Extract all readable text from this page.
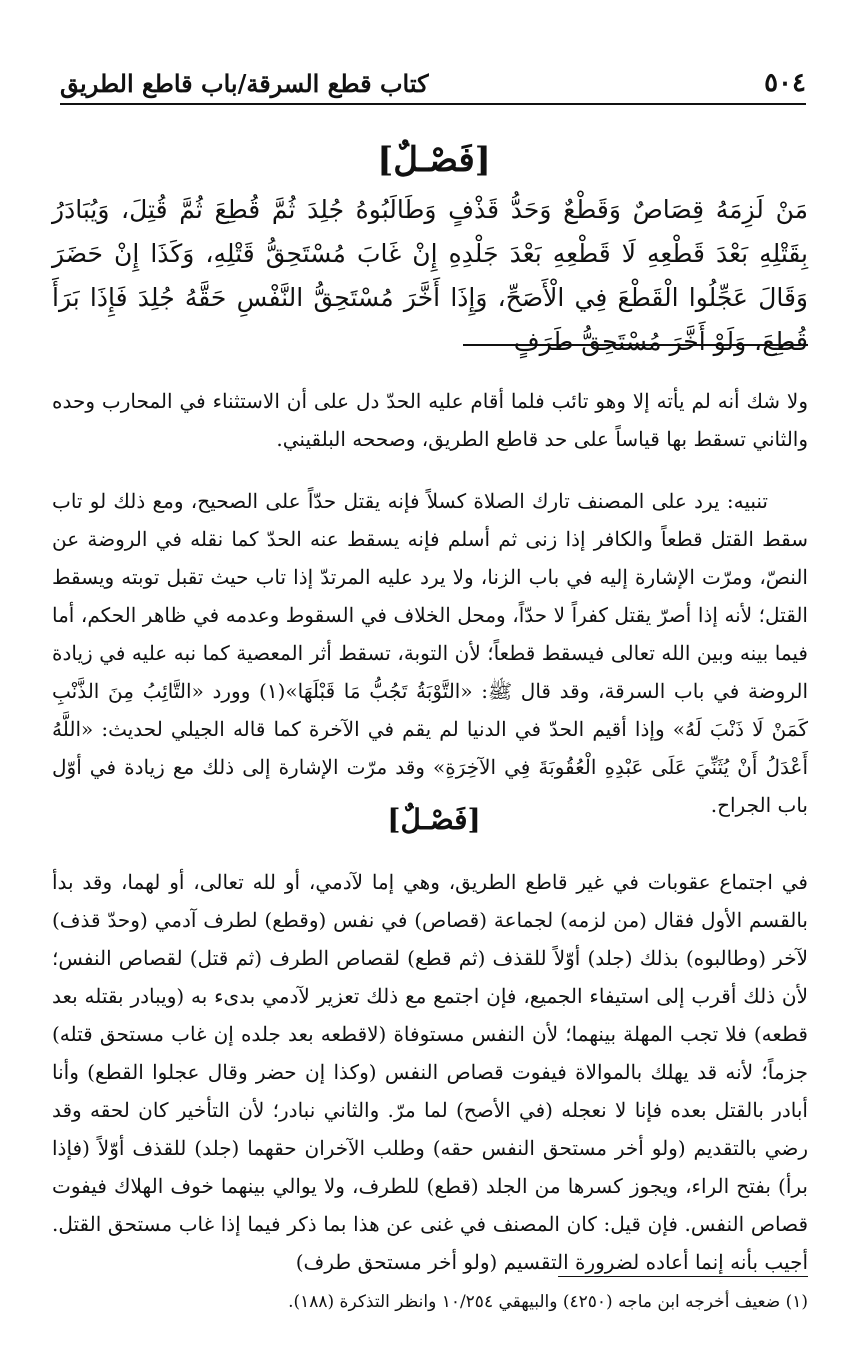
٥٠٤
كتاب قطع السرقة/باب قاطع الطريق
[فَصْـلٌ]
مَنْ لَزِمَهُ قِصَاصٌ وَقَطْعٌ وَحَدُّ قَذْفٍ وَطَالَبُوهُ جُلِدَ ثُمَّ قُطِعَ ثُمَّ قُتِلَ، وَيُبَادَرُ بِقَتْلِهِ بَعْدَ قَطْعِهِ لَا قَطْعِهِ بَعْدَ جَلْدِهِ إِنْ غَابَ مُسْتَحِقُّ قَتْلِهِ، وَكَذَا إِنْ حَضَرَ وَقَالَ عَجِّلُوا الْقَطْعَ فِي الْأَصَحِّ، وَإِذَا أَخَّرَ مُسْتَحِقُّ النَّفْسِ حَقَّهُ جُلِدَ فَإِذَا بَرَأَ قُطِعَ، وَلَوْ أَخَّرَ مُسْتَحِقُّ طَرَفٍ

ولا شك أنه لم يأته إلا وهو تائب فلما أقام عليه الحدّ دل على أن الاستثناء في المحارب وحده والثاني تسقط بها قياساً على حد قاطع الطريق، وصححه البلقيني.

تنبيه: يرد على المصنف تارك الصلاة كسلاً فإنه يقتل حدّاً على الصحيح، ومع ذلك لو تاب سقط القتل قطعاً والكافر إذا زنى ثم أسلم فإنه يسقط عنه الحدّ كما نقله في الروضة عن النصّ، ومرّت الإشارة إليه في باب الزنا، ولا يرد عليه المرتدّ إذا تاب حيث تقبل توبته ويسقط القتل؛ لأنه إذا أصرّ يقتل كفراً لا حدّاً، ومحل الخلاف في السقوط وعدمه في ظاهر الحكم، أما فيما بينه وبين الله تعالى فيسقط قطعاً؛ لأن التوبة، تسقط أثر المعصية كما نبه عليه في زيادة الروضة في باب السرقة، وقد قال ﷺ: «التَّوْبَةُ تَجُبُّ مَا قَبْلَهَا»(١) وورد «التَّائِبُ مِنَ الذَّنْبِ كَمَنْ لَا ذَنْبَ لَهُ» وإذا أقيم الحدّ في الدنيا لم يقم في الآخرة كما قاله الجيلي لحديث: «اللَّهُ أَعْدَلُ أَنْ يُثَنِّيَ عَلَى عَبْدِهِ الْعُقُوبَةَ فِي الآخِرَةِ» وقد مرّت الإشارة إلى ذلك مع زيادة في أوّل باب الجراح.

[فَصْـلٌ]

في اجتماع عقوبات في غير قاطع الطريق، وهي إما لآدمي، أو لله تعالى، أو لهما، وقد بدأ بالقسم الأول فقال (من لزمه) لجماعة (قصاص) في نفس (وقطع) لطرف آدمي (وحدّ قذف) لآخر (وطالبوه) بذلك (جلد) أوّلاً للقذف (ثم قطع) لقصاص الطرف (ثم قتل) لقصاص النفس؛ لأن ذلك أقرب إلى استيفاء الجميع، فإن اجتمع مع ذلك تعزير لآدمي بدىء به (ويبادر بقتله بعد قطعه) فلا تجب المهلة بينهما؛ لأن النفس مستوفاة (لاقطعه بعد جلده إن غاب مستحق قتله) جزماً؛ لأنه قد يهلك بالموالاة فيفوت قصاص النفس (وكذا إن حضر وقال عجلوا القطع) وأنا أبادر بالقتل بعده فإنا لا نعجله (في الأصح) لما مرّ. والثاني نبادر؛ لأن التأخير كان لحقه وقد رضي بالتقديم (ولو أخر مستحق النفس حقه) وطلب الآخران حقهما (جلد) للقذف أوّلاً (فإذا برأ) بفتح الراء، ويجوز كسرها من الجلد (قطع) للطرف، ولا يوالي بينهما خوف الهلاك فيفوت قصاص النفس. فإن قيل: كان المصنف في غنى عن هذا بما ذكر فيما إذا غاب مستحق القتل. أجيب بأنه إنما أعاده لضرورة التقسيم (ولو أخر مستحق طرف)

(١) ضعيف أخرجه ابن ماجه (٤٢٥٠) والبيهقي ١٠/٢٥٤ وانظر التذكرة (١٨٨).
